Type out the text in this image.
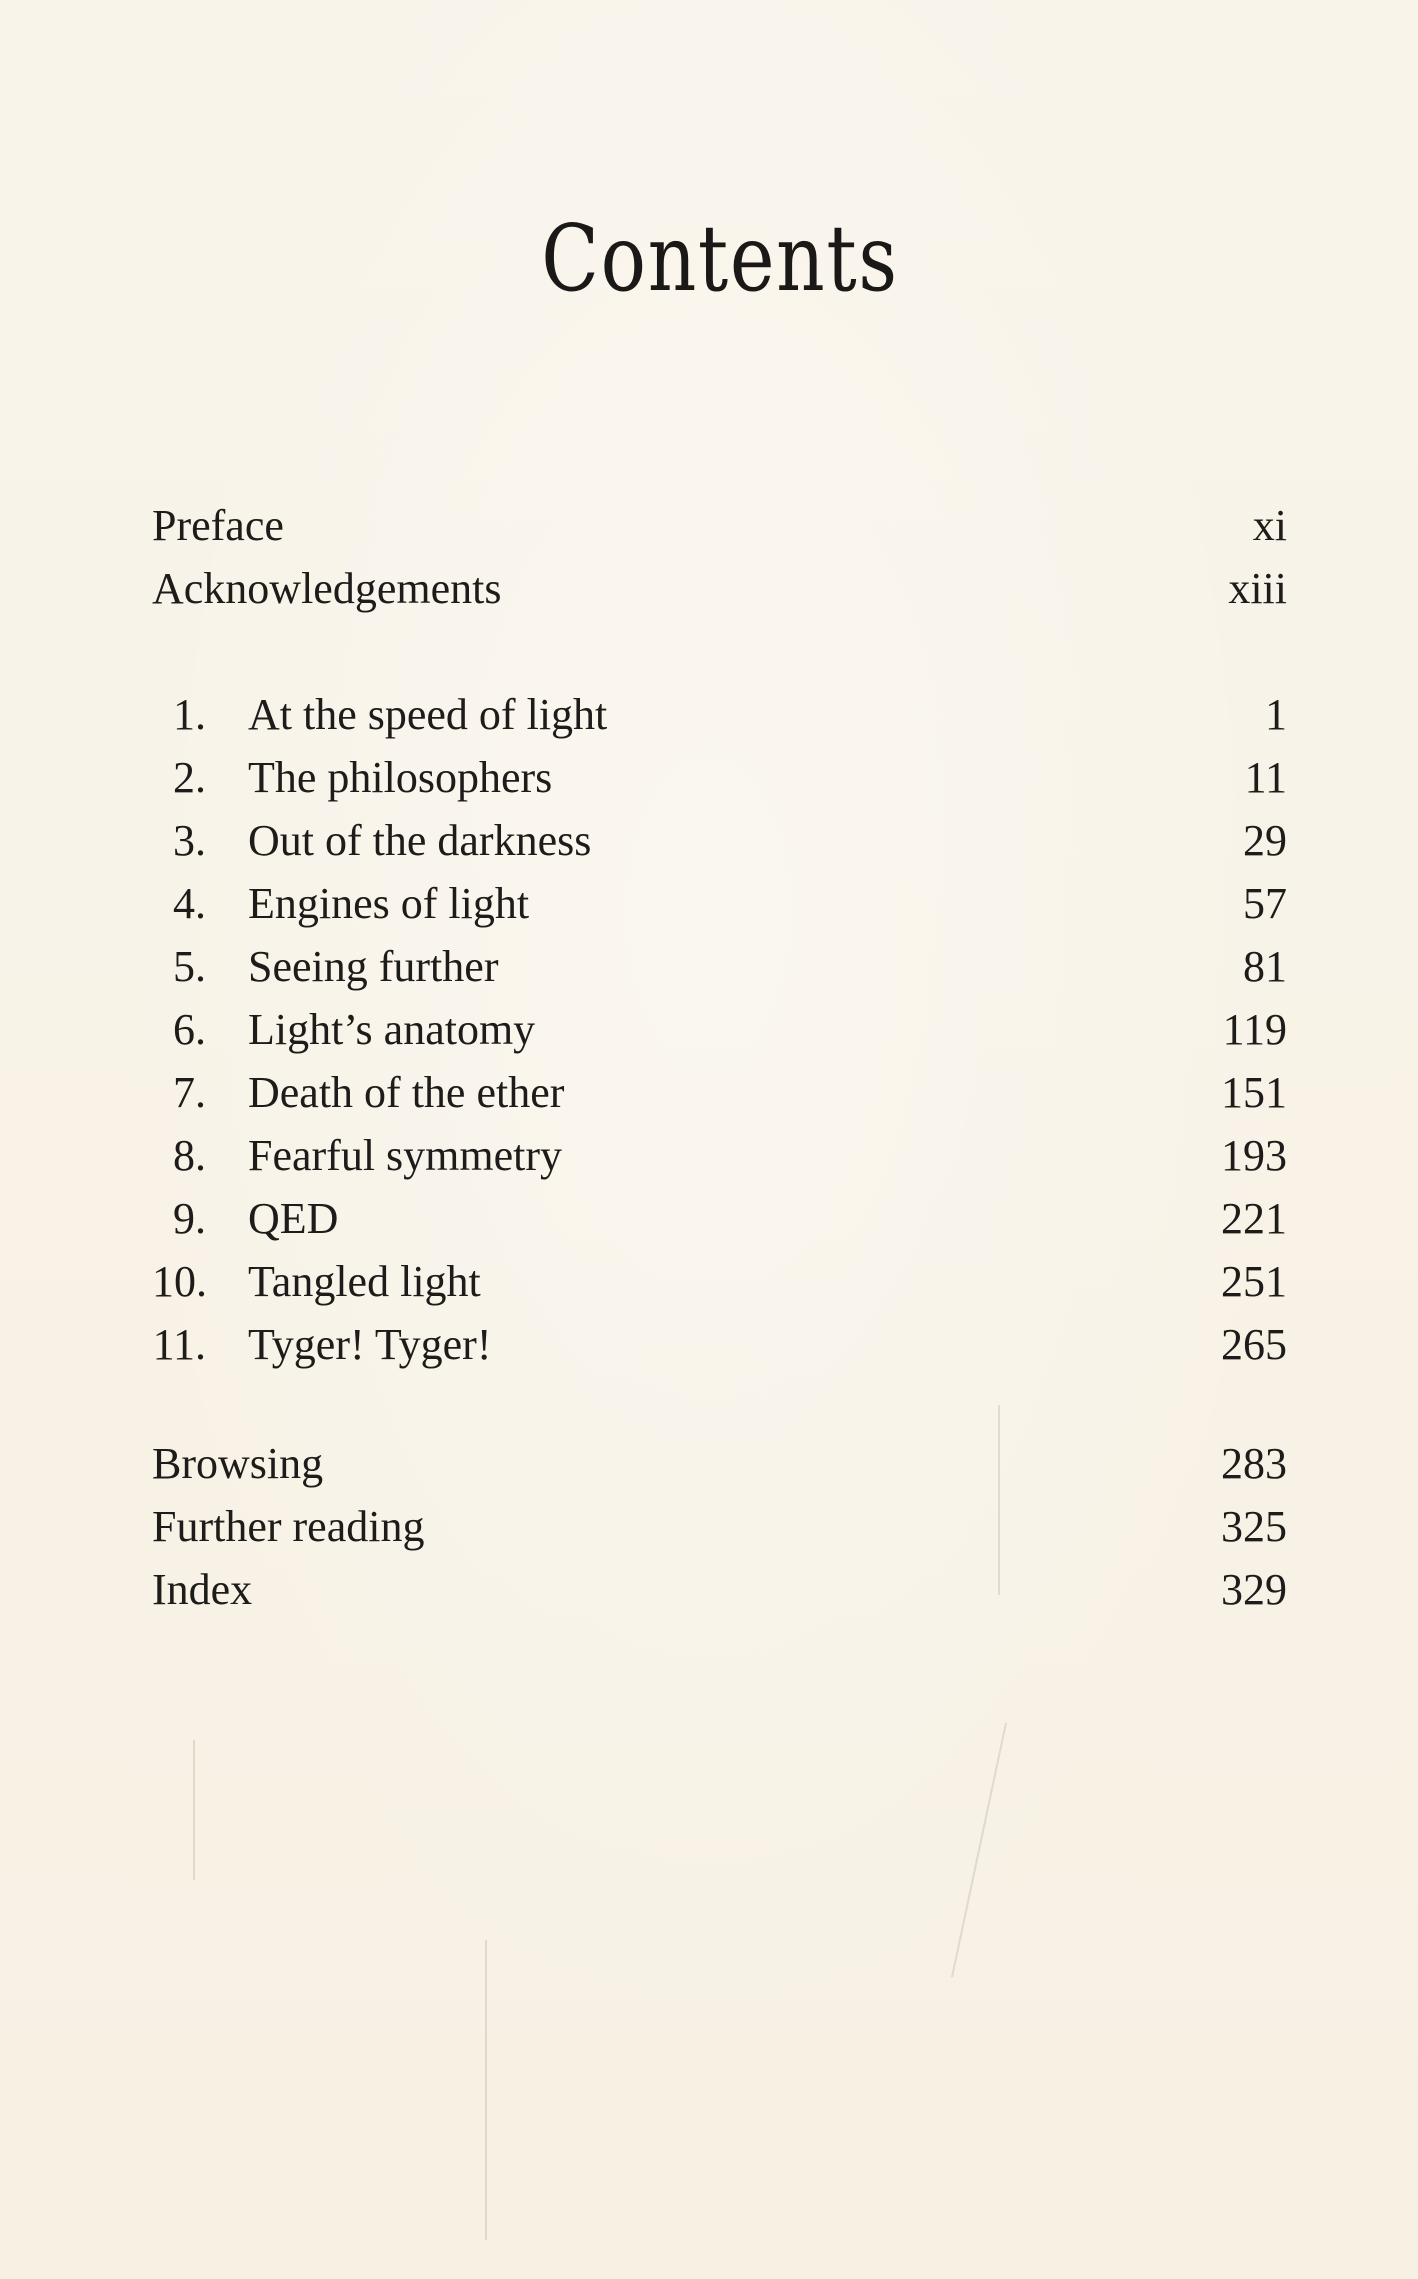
Contents
Preface	xi
Acknowledgements	xiii
1. At the speed of light	1
2. The philosophers	11
3. Out of the darkness	29
4. Engines of light	57
5. Seeing further	81
6. Light’s anatomy	119
7. Death of the ether	151
8. Fearful symmetry	193
9. QED	221
10. Tangled light	251
11. Tyger! Tyger!	265
Browsing	283
Further reading	325
Index	329
